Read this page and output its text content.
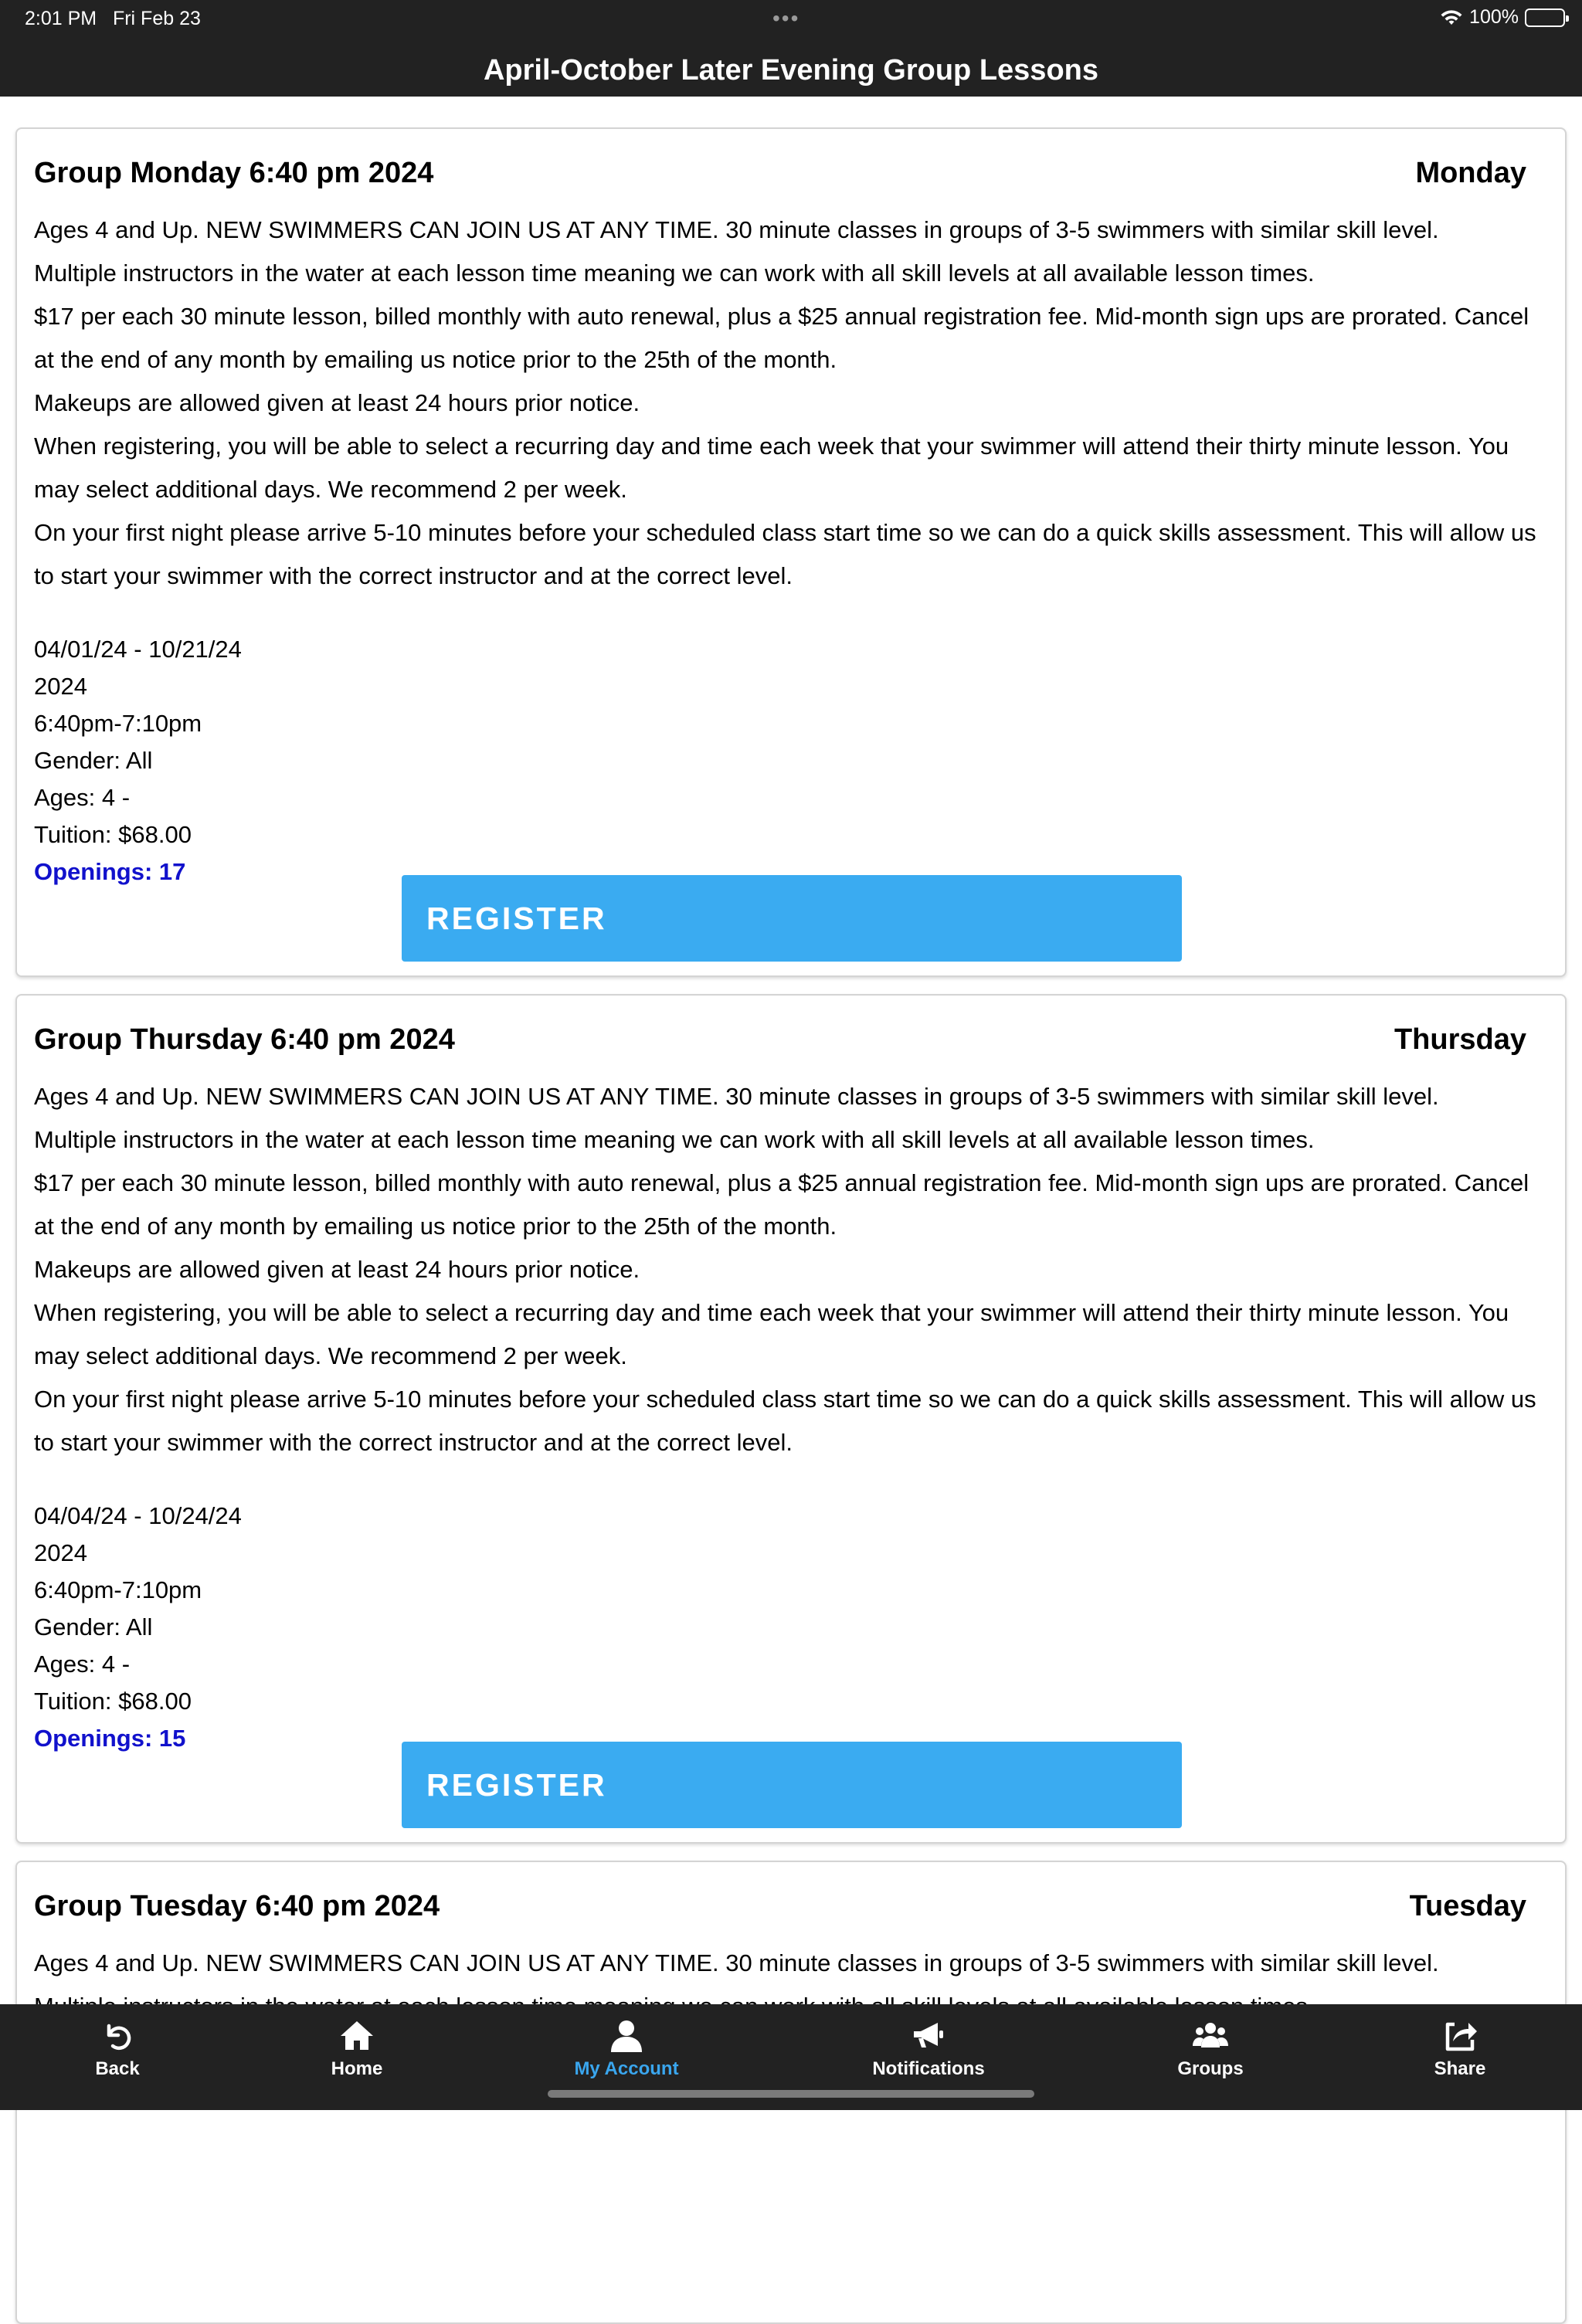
2:01 PM Fri Feb 23	•••	100%
April-October Later Evening Group Lessons
Group Monday 6:40 pm 2024	Monday

Ages 4 and Up. NEW SWIMMERS CAN JOIN US AT ANY TIME. 30 minute classes in groups of 3-5 swimmers with similar skill level.

Multiple instructors in the water at each lesson time meaning we can work with all skill levels at all available lesson times.

$17 per each 30 minute lesson, billed monthly with auto renewal, plus a $25 annual registration fee. Mid-month sign ups are prorated. Cancel at the end of any month by emailing us notice prior to the 25th of the month.

Makeups are allowed given at least 24 hours prior notice.

When registering, you will be able to select a recurring day and time each week that your swimmer will attend their thirty minute lesson. You may select additional days. We recommend 2 per week.

On your first night please arrive 5-10 minutes before your scheduled class start time so we can do a quick skills assessment. This will allow us to start your swimmer with the correct instructor and at the correct level.

04/01/24 - 10/21/24
2024
6:40pm-7:10pm
Gender: All
Ages: 4 -
Tuition: $68.00
Openings: 17
REGISTER
Group Thursday 6:40 pm 2024	Thursday

Ages 4 and Up. NEW SWIMMERS CAN JOIN US AT ANY TIME. 30 minute classes in groups of 3-5 swimmers with similar skill level.

Multiple instructors in the water at each lesson time meaning we can work with all skill levels at all available lesson times.

$17 per each 30 minute lesson, billed monthly with auto renewal, plus a $25 annual registration fee. Mid-month sign ups are prorated. Cancel at the end of any month by emailing us notice prior to the 25th of the month.

Makeups are allowed given at least 24 hours prior notice.

When registering, you will be able to select a recurring day and time each week that your swimmer will attend their thirty minute lesson. You may select additional days. We recommend 2 per week.

On your first night please arrive 5-10 minutes before your scheduled class start time so we can do a quick skills assessment. This will allow us to start your swimmer with the correct instructor and at the correct level.

04/04/24 - 10/24/24
2024
6:40pm-7:10pm
Gender: All
Ages: 4 -
Tuition: $68.00
Openings: 15
REGISTER
Group Tuesday 6:40 pm 2024	Tuesday

Ages 4 and Up. NEW SWIMMERS CAN JOIN US AT ANY TIME. 30 minute classes in groups of 3-5 swimmers with similar skill level.

Back	Home	My Account	Notifications	Groups	Share
